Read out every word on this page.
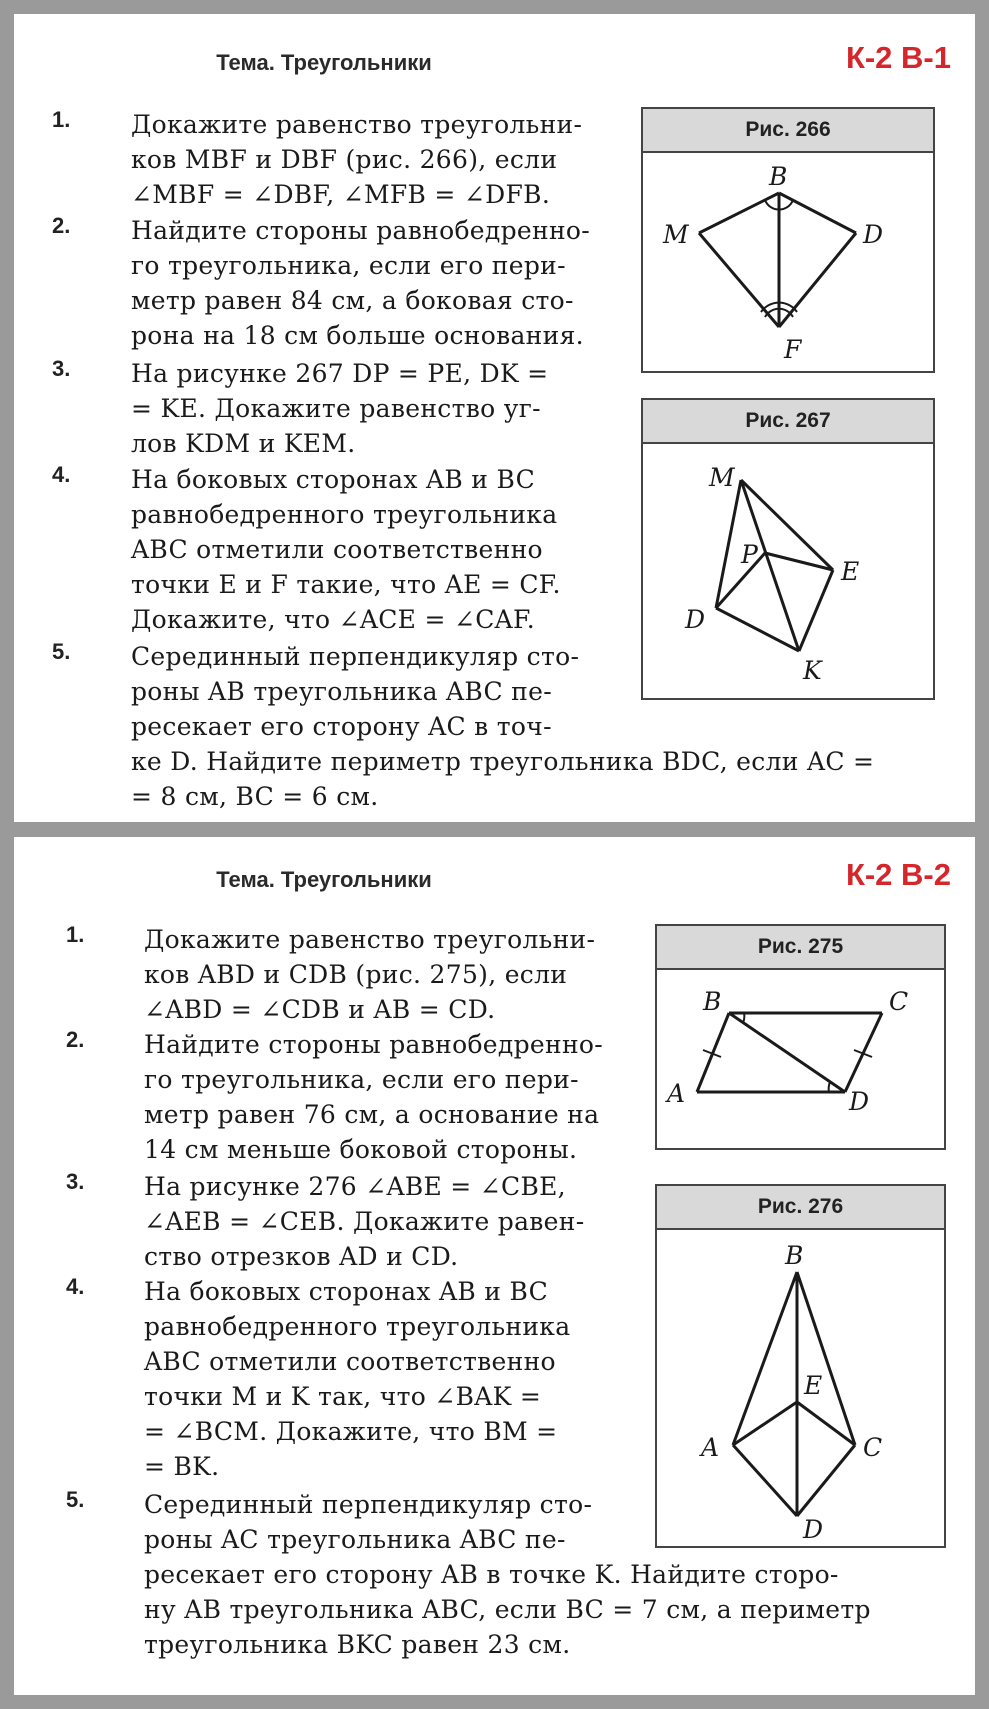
Тема. Треугольники	К-2 В-1
1. Докажите равенство треугольни-
ков MBF и DBF (рис. 266), если
∠MBF = ∠DBF, ∠MFB = ∠DFB.
2. Найдите стороны равнобедренно-
го треугольника, если его пери-
метр равен 84 см, а боковая сто-
рона на 18 см больше основания.
3. На рисунке 267 DP = PE, DK =
= KE. Докажите равенство уг-
лов KDM и KEM.
4. На боковых сторонах AB и BC
равнобедренного треугольника
ABC отметили соответственно
точки E и F такие, что AE = CF.
Докажите, что ∠ACE = ∠CAF.
5. Серединный перпендикуляр сто-
роны AB треугольника ABC пе-
ресекает его сторону AC в точ-
ке D. Найдите периметр треугольника BDC, если AC =
= 8 см, BC = 6 см.
Рис. 266
B
M	D
F
Рис. 267
M
P
E
D
K
Тема. Треугольники	К-2 В-2
1. Докажите равенство треугольни-
ков ABD и CDB (рис. 275), если
∠ABD = ∠CDB и AB = CD.
2. Найдите стороны равнобедренно-
го треугольника, если его пери-
метр равен 76 см, а основание на
14 см меньше боковой стороны.
3. На рисунке 276 ∠ABE = ∠CBE,
∠AEB = ∠CEB. Докажите равен-
ство отрезков AD и CD.
4. На боковых сторонах AB и BC
равнобедренного треугольника
ABC отметили соответственно
точки M и K так, что ∠BAK =
= ∠BCM. Докажите, что BM =
= BK.
5. Серединный перпендикуляр сто-
роны AC треугольника ABC пе-
ресекает его сторону AB в точке K. Найдите сторо-
ну AB треугольника ABC, если BC = 7 см, а периметр
треугольника BKC равен 23 см.
Рис. 275
B	C
A	D
Рис. 276
B
E
A	C
D
